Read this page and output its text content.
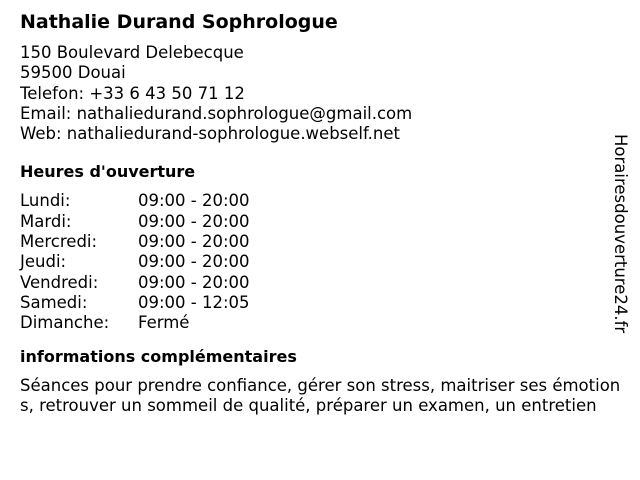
Nathalie Durand Sophrologue
150 Boulevard Delebecque
59500 Douai
Telefon: +33 6 43 50 71 12
Email: nathaliedurand.sophrologue@gmail.com
Web: nathaliedurand-sophrologue.webself.net
Heures d'ouverture
Lundi:	09:00 - 20:00
Mardi:	09:00 - 20:00
Mercredi:	09:00 - 20:00
Jeudi:	09:00 - 20:00
Vendredi:	09:00 - 20:00
Samedi:	09:00 - 12:05
Dimanche:	Fermé
informations complémentaires
Séances pour prendre confiance, gérer son stress, maitriser ses émotions, retrouver un sommeil de qualité, préparer un examen, un entretien
Horairesdouverture24.fr
